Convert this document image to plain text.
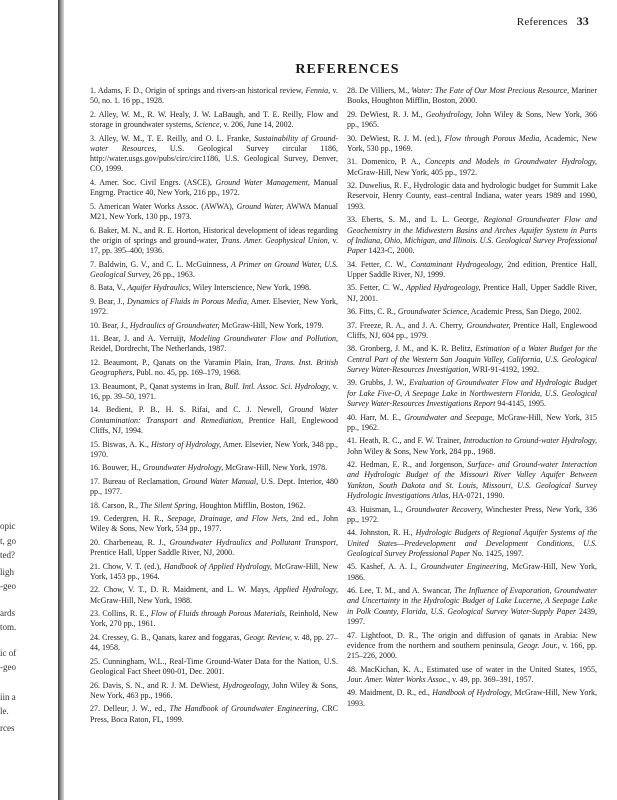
opic
t, go
ted?
ligh
-geo
ards
tom.
ic of
-geo
iin a
le.
rces
References 33
REFERENCES
1. Adams, F. D., Origin of springs and rivers-an historical review, Fennia, v. 50, no. 1. 16 pp., 1928.
2. Alley, W. M., R. W. Healy, J. W. LaBaugh, and T. E. Reilly, Flow and storage in groundwater systems, Science, v. 206, June 14, 2002.
3. Alley, W. M., T. E. Reilly, and O. L. Franke, Sustainability of Ground-water Resources, U.S. Geological Survey circular 1186, http://water.usgs.gov/pubs/circ/circ1186, U.S. Geological Survey, Denver, CO, 1999.
4. Amer. Soc. Civil Engrs. (ASCE), Ground Water Management, Manual Engrng. Practice 40, New York, 216 pp., 1972.
5. American Water Works Assoc. (AWWA), Ground Water, AWWA Manual M21, New York, 130 pp., 1973.
6. Baker, M. N., and R. E. Horton, Historical development of ideas regarding the origin of springs and ground-water, Trans. Amer. Geophysical Union, v. 17, pp. 395–400, 1936.
7. Baldwin, G. V., and C. L. McGuinness, A Primer on Ground Water, U.S. Geological Survey, 26 pp., 1963.
8. Bata, V., Aquifer Hydraulics, Wiley Interscience, New York, 1998.
9. Bear, J., Dynamics of Fluids in Porous Media, Amer. Elsevier, New York, 1972.
10. Bear, J., Hydraulics of Groundwater, McGraw-Hill, New York, 1979.
11. Bear, J. and A. Verruijt, Modeling Groundwater Flow and Pollution, Reidel, Dordrecht, The Netherlands, 1987.
12. Beaumont, P., Qanats on the Varamin Plain, Iran, Trans. Inst. British Geographers, Publ. no. 45, pp. 169–179, 1968.
13. Beaumont, P., Qanat systems in Iran, Bull. Intl. Assoc. Sci. Hydrology, v. 16, pp. 39–50, 1971.
14. Bedient, P. B., H. S. Rifai, and C. J. Newell, Ground Water Contamination: Transport and Remediation, Prentice Hall, Englewood Cliffs, NJ, 1994.
15. Biswas, A. K., History of Hydrology, Amer. Elsevier, New York, 348 pp., 1970.
16. Bouwer, H., Groundwater Hydrology, McGraw-Hill, New York, 1978.
17. Bureau of Reclamation, Ground Water Manual, U.S. Dept. Interior, 480 pp., 1977.
18. Carson, R., The Silent Spring, Houghton Mifflin, Boston, 1962.
19. Cedergren, H. R., Seepage, Drainage, and Flow Nets, 2nd ed., John Wiley & Sons, New York, 534 pp., 1977.
20. Charbeneau, R. J., Groundwater Hydraulics and Pollutant Transport, Prentice Hall, Upper Saddle River, NJ, 2000.
21. Chow, V. T. (ed.), Handbook of Applied Hydrology, McGraw-Hill, New York, 1453 pp., 1964.
22. Chow, V. T., D. R. Maidment, and L. W. Mays, Applied Hydrology, McGraw-Hill, New York, 1988.
23. Collins, R. E., Flow of Fluids through Porous Materials, Reinhold, New York, 270 pp., 1961.
24. Cressey, G. B., Qanats, karez and foggaras, Geogr. Review, v. 48, pp. 27–44, 1958.
25. Cunningham, W.L., Real-Time Ground-Water Data for the Nation, U.S. Geological Fact Sheet 090-01, Dec. 2001.
26. Davis, S. N., and R. J. M. DeWiest, Hydrogeology, John Wiley & Sons, New York, 463 pp., 1966.
27. Delleur, J. W., ed., The Handbook of Groundwater Engineering, CRC Press, Boca Raton, FL, 1999.
28. De Villiers, M., Water: The Fate of Our Most Precious Resource, Mariner Books, Houghton Mifflin, Boston, 2000.
29. DeWiest, R. J. M., Geohydrology, John Wiley & Sons, New York, 366 pp., 1965.
30. DeWiest, R. J. M. (ed.), Flow through Porous Media, Academic, New York, 530 pp., 1969.
31. Domenico, P. A., Concepts and Models in Groundwater Hydrology, McGraw-Hill, New York, 405 pp., 1972.
32. Duwelius, R. F., Hydrologic data and hydrologic budget for Summit Lake Reservoir, Henry County, east–central Indiana, water years 1989 and 1990, 1993.
33. Eberts, S. M., and L. L. George, Regional Groundwater Flow and Geochemistry in the Midwestern Basins and Arches Aquifer System in Parts of Indiana, Ohio, Michigan, and Illinois. U.S. Geological Survey Professional Paper 1423-C, 2000.
34. Fetter, C. W., Contaminant Hydrogeology, 2nd edition, Prentice Hall, Upper Saddle River, NJ, 1999.
35. Fetter, C. W., Applied Hydrogeology, Prentice Hall, Upper Saddle River, NJ, 2001.
36. Fitts, C. R., Groundwater Science, Academic Press, San Diego, 2002.
37. Freeze, R. A., and J. A. Cherry, Groundwater, Prentice Hall, Englewood Cliffs, NJ, 604 pp., 1979.
38. Gronberg, J. M., and K. R. Belitz, Estimation of a Water Budget for the Central Part of the Western San Joaquin Valley, California, U.S. Geological Survey Water-Resources Investigation, WRI-91-4192, 1992.
39. Grubbs, J. W., Evaluation of Groundwater Flow and Hydrologic Budget for Lake Five-O, A Seepage Lake in Northwestern Florida, U.S. Geological Survey Water-Resources Investigations Report 94-4145, 1995.
40. Harr, M. E., Groundwater and Seepage, McGraw-Hill, New York, 315 pp., 1962.
41. Heath, R. C., and F. W. Trainer, Introduction to Ground-water Hydrology, John Wiley & Sons, New York, 284 pp., 1968.
42. Hedman, E. R., and Jorgenson, Surface- and Ground-water Interaction and Hydrologic Budget of the Missouri River Valley Aquifer Between Yankton, South Dakota and St. Louis, Missouri, U.S. Geological Survey Hydrologic Investigations Atlas, HA-0721, 1990.
43. Huisman, L., Groundwater Recovery, Winchester Press, New York, 336 pp., 1972.
44. Johnston, R. H., Hydrologic Budgets of Regional Aquifer Systems of the United States—Predevelopment and Development Conditions, U.S. Geological Survey Professional Paper No. 1425, 1997.
45. Kashef, A. A. I., Groundwater Engineering, McGraw-Hill, New York, 1986.
46. Lee, T. M., and A. Swancar, The Influence of Evaporation, Groundwater and Uncertainty in the Hydrologic Budget of Lake Lucerne, A Seepage Lake in Polk County, Florida, U.S. Geological Survey Water-Supply Paper 2439, 1997.
47. Lightfoot, D. R., The origin and diffusion of qanats in Arabia: New evidence from the northern and southern peninsula, Geogr. Jour., v. 166, pp. 215–226, 2000.
48. MacKichan, K. A., Estimated use of water in the United States, 1955, Jour. Amer. Water Works Assoc., v. 49, pp. 369–391, 1957.
49. Maidment, D. R., ed., Handbook of Hydrology, McGraw-Hill, New York, 1993.
